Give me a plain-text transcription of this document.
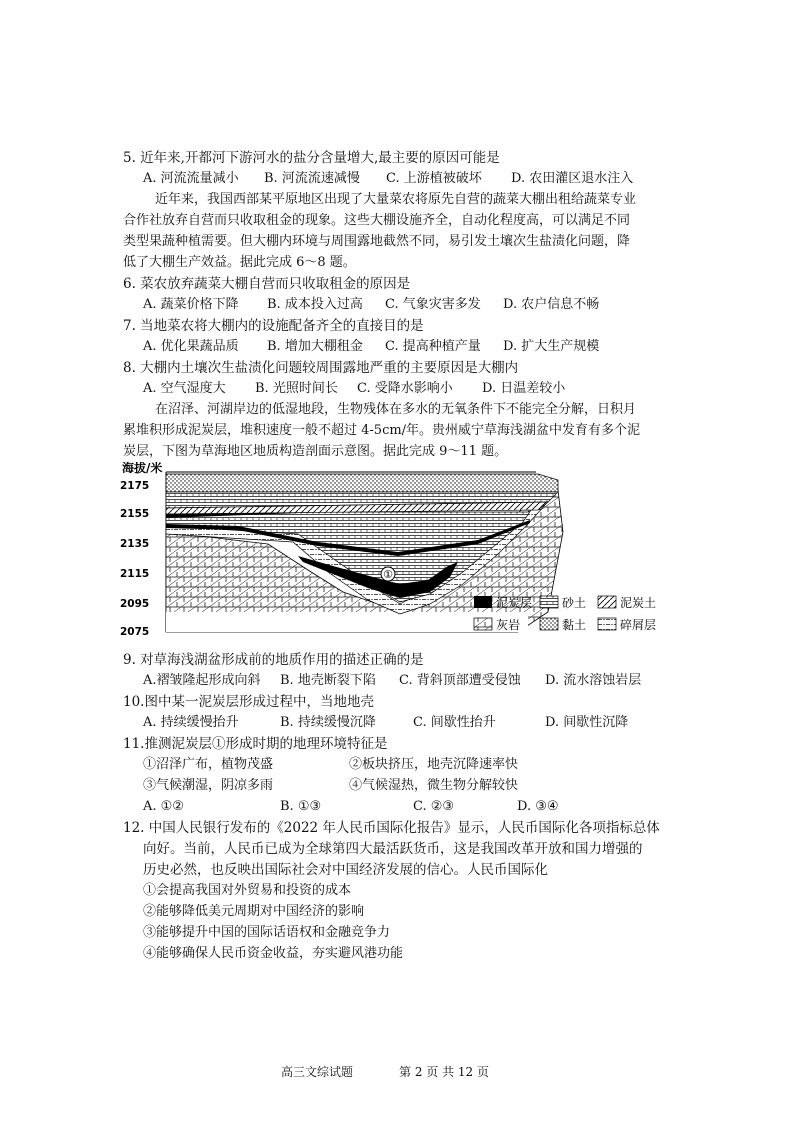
5. 近年来,开都河下游河水的盐分含量增大,最主要的原因可能是
A. 河流流量减小 B. 河流流速减慢 C. 上游植被破坏 D. 农田灌区退水注入
近年来，我国西部某平原地区出现了大量菜农将原先自营的蔬菜大棚出租给蔬菜专业
合作社放弃自营而只收取租金的现象。这些大棚设施齐全，自动化程度高，可以满足不同
类型果蔬种植需要。但大棚内环境与周围露地截然不同，易引发土壤次生盐渍化问题，降
低了大棚生产效益。据此完成 6～8 题。
6. 菜农放弃蔬菜大棚自营而只收取租金的原因是
A. 蔬菜价格下降 B. 成本投入过高 C. 气象灾害多发 D. 农户信息不畅
7. 当地菜农将大棚内的设施配备齐全的直接目的是
A. 优化果蔬品质 B. 增加大棚租金 C. 提高种植产量 D. 扩大生产规模
8. 大棚内土壤次生盐渍化问题较周围露地严重的主要原因是大棚内
A. 空气湿度大 B. 光照时间长 C. 受降水影响小 D. 日温差较小
在沼泽、河湖岸边的低湿地段，生物残体在多水的无氧条件下不能完全分解，日积月
累堆积形成泥炭层，堆积速度一般不超过 4-5cm/年。贵州威宁草海浅湖盆中发育有多个泥
炭层，下图为草海地区地质构造剖面示意图。据此完成 9～11 题。
海拔/米
2175
2155
2135
2115
2095
2075
①
泥炭层 砂土	泥炭土
灰岩	黏土	碎屑层
9. 对草海浅湖盆形成前的地质作用的描述正确的是
A.褶皱隆起形成向斜 B. 地壳断裂下陷 C. 背斜顶部遭受侵蚀 D. 流水溶蚀岩层
10.图中某一泥炭层形成过程中，当地地壳
A. 持续缓慢抬升	B. 持续缓慢沉降	C. 间歇性抬升	D. 间歇性沉降
11.推测泥炭层①形成时期的地理环境特征是
①沼泽广布，植物茂盛	②板块挤压，地壳沉降速率快
③气候潮湿，阴凉多雨	④气候湿热，微生物分解较快
A. ①②	B. ①③	C. ②③	D. ③④
12. 中国人民银行发布的《2022 年人民币国际化报告》显示，人民币国际化各项指标总体
向好。当前，人民币已成为全球第四大最活跃货币，这是我国改革开放和国力增强的
历史必然，也反映出国际社会对中国经济发展的信心。人民币国际化
①会提高我国对外贸易和投资的成本
②能够降低美元周期对中国经济的影响
③能够提升中国的国际话语权和金融竞争力
④能够确保人民币资金收益，夯实避风港功能
高三文综试题	第 2 页 共 12 页
